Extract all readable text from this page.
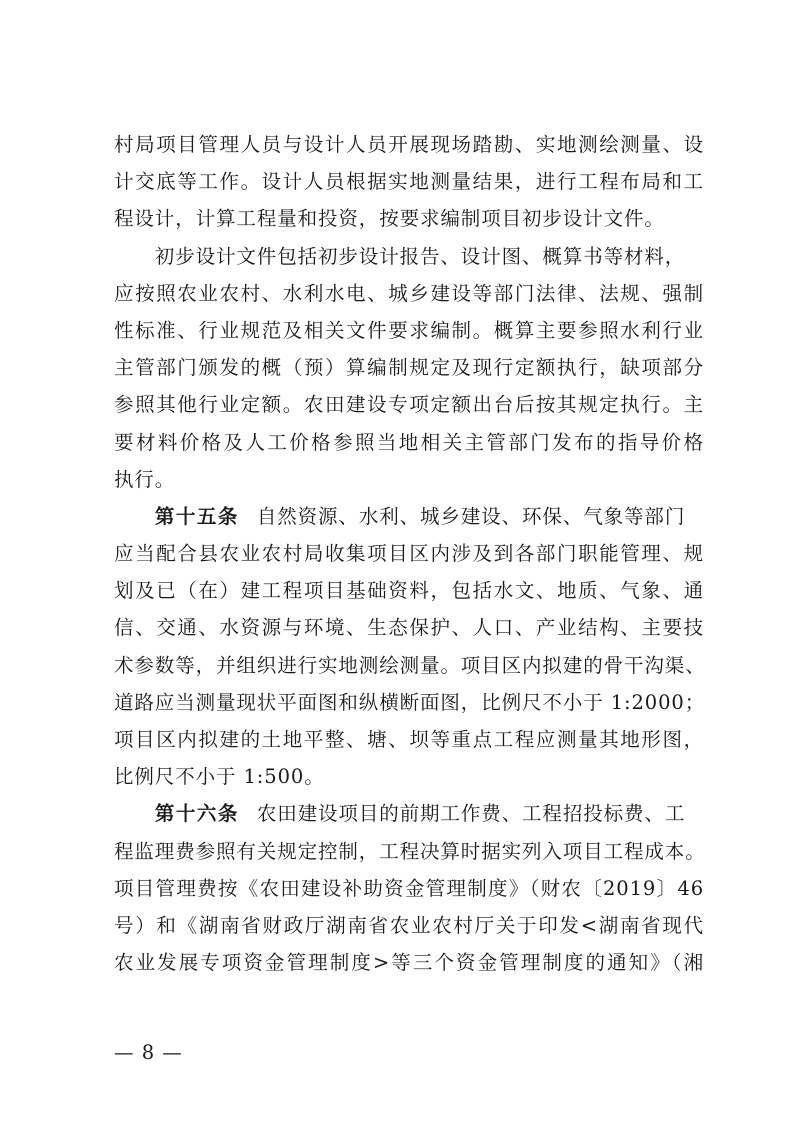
村局项目管理人员与设计人员开展现场踏勘、实地测绘测量、设
计交底等工作。设计人员根据实地测量结果，进行工程布局和工
程设计，计算工程量和投资，按要求编制项目初步设计文件。
　　初步设计文件包括初步设计报告、设计图、概算书等材料，
应按照农业农村、水利水电、城乡建设等部门法律、法规、强制
性标准、行业规范及相关文件要求编制。概算主要参照水利行业
主管部门颁发的概（预）算编制规定及现行定额执行，缺项部分
参照其他行业定额。农田建设专项定额出台后按其规定执行。主
要材料价格及人工价格参照当地相关主管部门发布的指导价格
执行。
　　第十五条 自然资源、水利、城乡建设、环保、气象等部门
应当配合县农业农村局收集项目区内涉及到各部门职能管理、规
划及已（在）建工程项目基础资料，包括水文、地质、气象、通
信、交通、水资源与环境、生态保护、人口、产业结构、主要技
术参数等，并组织进行实地测绘测量。项目区内拟建的骨干沟渠、
道路应当测量现状平面图和纵横断面图，比例尺不小于 1:2000；
项目区内拟建的土地平整、塘、坝等重点工程应测量其地形图，
比例尺不小于 1:500。
　　第十六条 农田建设项目的前期工作费、工程招投标费、工
程监理费参照有关规定控制，工程决算时据实列入项目工程成本。
项目管理费按《农田建设补助资金管理制度》（财农〔2019〕46
号）和《湖南省财政厅湖南省农业农村厅关于印发<湖南省现代
农业发展专项资金管理制度>等三个资金管理制度的通知》（湘
— 8 —
